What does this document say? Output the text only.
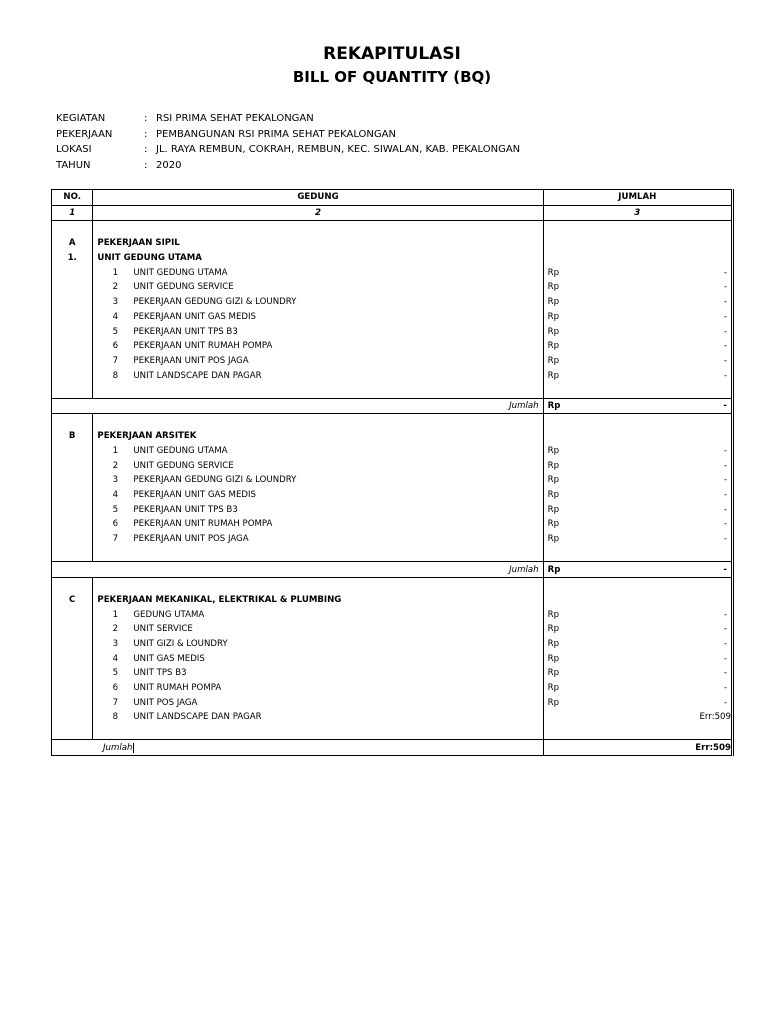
REKAPITULASI
BILL OF QUANTITY (BQ)
KEGIATAN	: RSI PRIMA SEHAT PEKALONGAN
PEKERJAAN	: PEMBANGUNAN RSI PRIMA SEHAT PEKALONGAN
LOKASI	: JL. RAYA REMBUN, COKRAH, REMBUN, KEC. SIWALAN, KAB. PEKALONGAN
TAHUN	: 2020
NO.	GEDUNG	JUMLAH
1	2	3

A	PEKERJAAN SIPIL	
1.	UNIT GEDUNG UTAMA	
	1 UNIT GEDUNG UTAMA	Rp -

	2 UNIT GEDUNG SERVICE	Rp -

	3 PEKERJAAN GEDUNG GIZI & LOUNDRY	Rp -

	4 PEKERJAAN UNIT GAS MEDIS	Rp -

	5 PEKERJAAN UNIT TPS B3	Rp -

	6 PEKERJAAN UNIT RUMAH POMPA	Rp -

	7 PEKERJAAN UNIT POS JAGA	Rp -

	8 UNIT LANDSCAPE DAN PAGAR	Rp -

Jumlah		Rp -

B	PEKERJAAN ARSITEK	
	1 UNIT GEDUNG UTAMA	Rp -

	2 UNIT GEDUNG SERVICE	Rp -

	3 PEKERJAAN GEDUNG GIZI & LOUNDRY	Rp -

	4 PEKERJAAN UNIT GAS MEDIS	Rp -

	5 PEKERJAAN UNIT TPS B3	Rp -

	6 PEKERJAAN UNIT RUMAH POMPA	Rp -

	7 PEKERJAAN UNIT POS JAGA	Rp -

Jumlah		Rp -

C	PEKERJAAN MEKANIKAL, ELEKTRIKAL & PLUMBING	
	1 GEDUNG UTAMA	Rp -

	2 UNIT SERVICE	Rp -

	3 UNIT GIZI & LOUNDRY	Rp -

	4 UNIT GAS MEDIS	Rp -

	5 UNIT TPS B3	Rp -

	6 UNIT RUMAH POMPA	Rp -

	7 UNIT POS JAGA	Rp -

	8 UNIT LANDSCAPE DAN PAGAR	Err:509

Jumlah		Err:509
